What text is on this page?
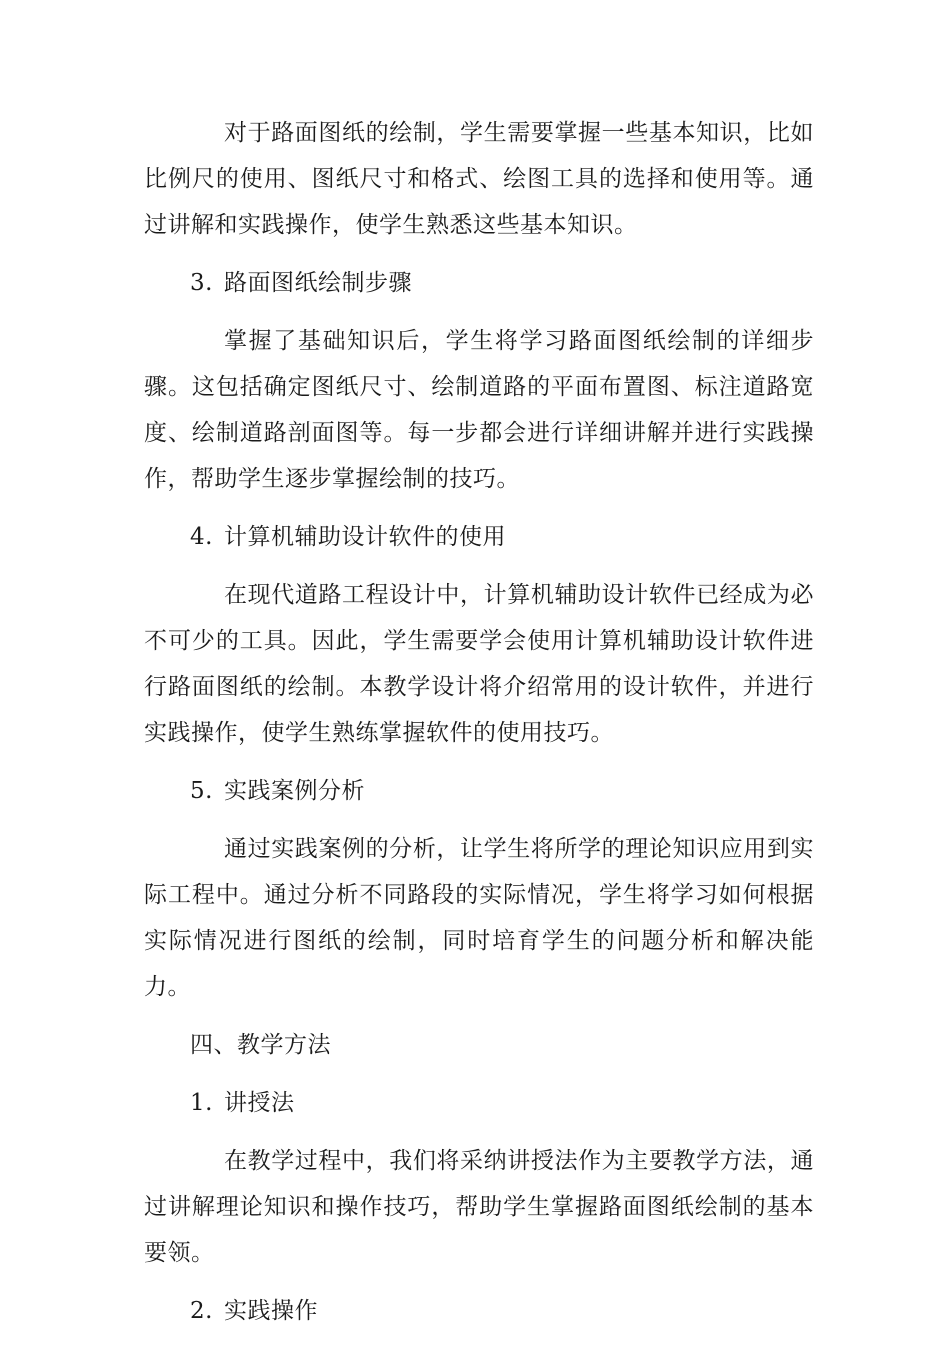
对于路面图纸的绘制，学生需要掌握一些基本知识，比如比例尺的使用、图纸尺寸和格式、绘图工具的选择和使用等。通过讲解和实践操作，使学生熟悉这些基本知识。

3. 路面图纸绘制步骤

掌握了基础知识后，学生将学习路面图纸绘制的详细步骤。这包括确定图纸尺寸、绘制道路的平面布置图、标注道路宽度、绘制道路剖面图等。每一步都会进行详细讲解并进行实践操作，帮助学生逐步掌握绘制的技巧。

4. 计算机辅助设计软件的使用

在现代道路工程设计中，计算机辅助设计软件已经成为必不可少的工具。因此，学生需要学会使用计算机辅助设计软件进行路面图纸的绘制。本教学设计将介绍常用的设计软件，并进行实践操作，使学生熟练掌握软件的使用技巧。

5. 实践案例分析

通过实践案例的分析，让学生将所学的理论知识应用到实际工程中。通过分析不同路段的实际情况，学生将学习如何根据实际情况进行图纸的绘制，同时培育学生的问题分析和解决能力。

四、教学方法
1. 讲授法

在教学过程中，我们将采纳讲授法作为主要教学方法，通过讲解理论知识和操作技巧，帮助学生掌握路面图纸绘制的基本要领。

2. 实践操作
